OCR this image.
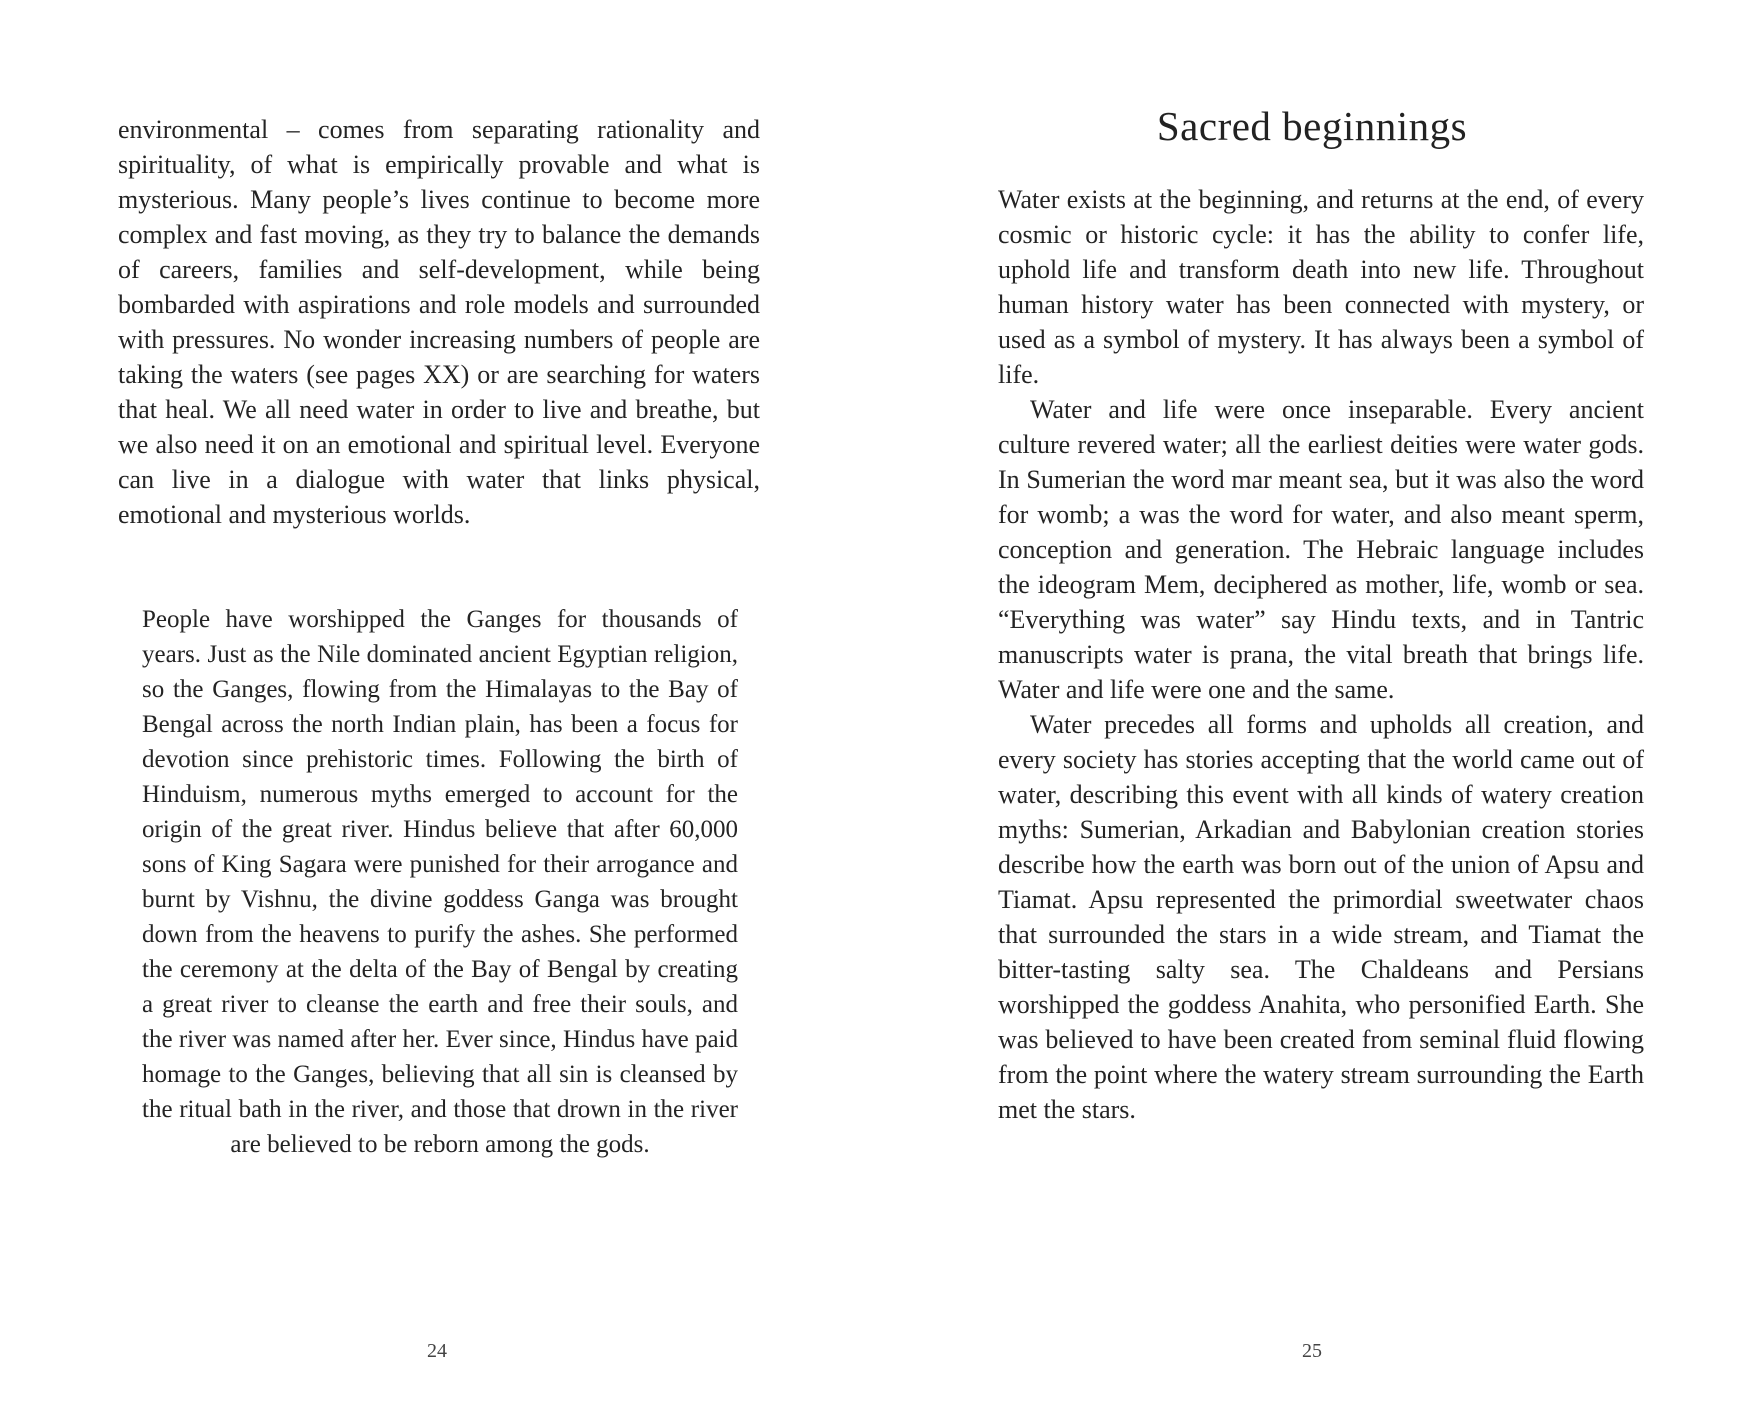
environmental – comes from separating rationality and spirituality, of what is empirically provable and what is mysterious. Many people’s lives continue to become more complex and fast moving, as they try to balance the demands of careers, families and self-development, while being bombarded with aspirations and role models and surrounded with pressures. No wonder increasing numbers of people are taking the waters (see pages XX) or are searching for waters that heal. We all need water in order to live and breathe, but we also need it on an emotional and spiritual level. Everyone can live in a dialogue with water that links physical, emotional and mysterious worlds.

People have worshipped the Ganges for thousands of years. Just as the Nile dominated ancient Egyptian religion, so the Ganges, flowing from the Himalayas to the Bay of Bengal across the north Indian plain, has been a focus for devotion since prehistoric times. Following the birth of Hinduism, numerous myths emerged to account for the origin of the great river. Hindus believe that after 60,000 sons of King Sagara were punished for their arrogance and burnt by Vishnu, the divine goddess Ganga was brought down from the heavens to purify the ashes. She performed the ceremony at the delta of the Bay of Bengal by creating a great river to cleanse the earth and free their souls, and the river was named after her. Ever since, Hindus have paid homage to the Ganges, believing that all sin is cleansed by the ritual bath in the river, and those that drown in the river are believed to be reborn among the gods.

24
Sacred beginnings

Water exists at the beginning, and returns at the end, of every cosmic or historic cycle: it has the ability to confer life, uphold life and transform death into new life. Throughout human history water has been connected with mystery, or used as a symbol of mystery. It has always been a symbol of life.

Water and life were once inseparable. Every ancient culture revered water; all the earliest deities were water gods. In Sumerian the word mar meant sea, but it was also the word for womb; a was the word for water, and also meant sperm, conception and generation. The Hebraic language includes the ideogram Mem, deciphered as mother, life, womb or sea. “Everything was water” say Hindu texts, and in Tantric manuscripts water is prana, the vital breath that brings life. Water and life were one and the same.

Water precedes all forms and upholds all creation, and every society has stories accepting that the world came out of water, describing this event with all kinds of watery creation myths: Sumerian, Arkadian and Babylonian creation stories describe how the earth was born out of the union of Apsu and Tiamat. Apsu represented the primordial sweetwater chaos that surrounded the stars in a wide stream, and Tiamat the bitter-tasting salty sea. The Chaldeans and Persians worshipped the goddess Anahita, who personified Earth. She was believed to have been created from seminal fluid flowing from the point where the watery stream surrounding the Earth met the stars.

25
